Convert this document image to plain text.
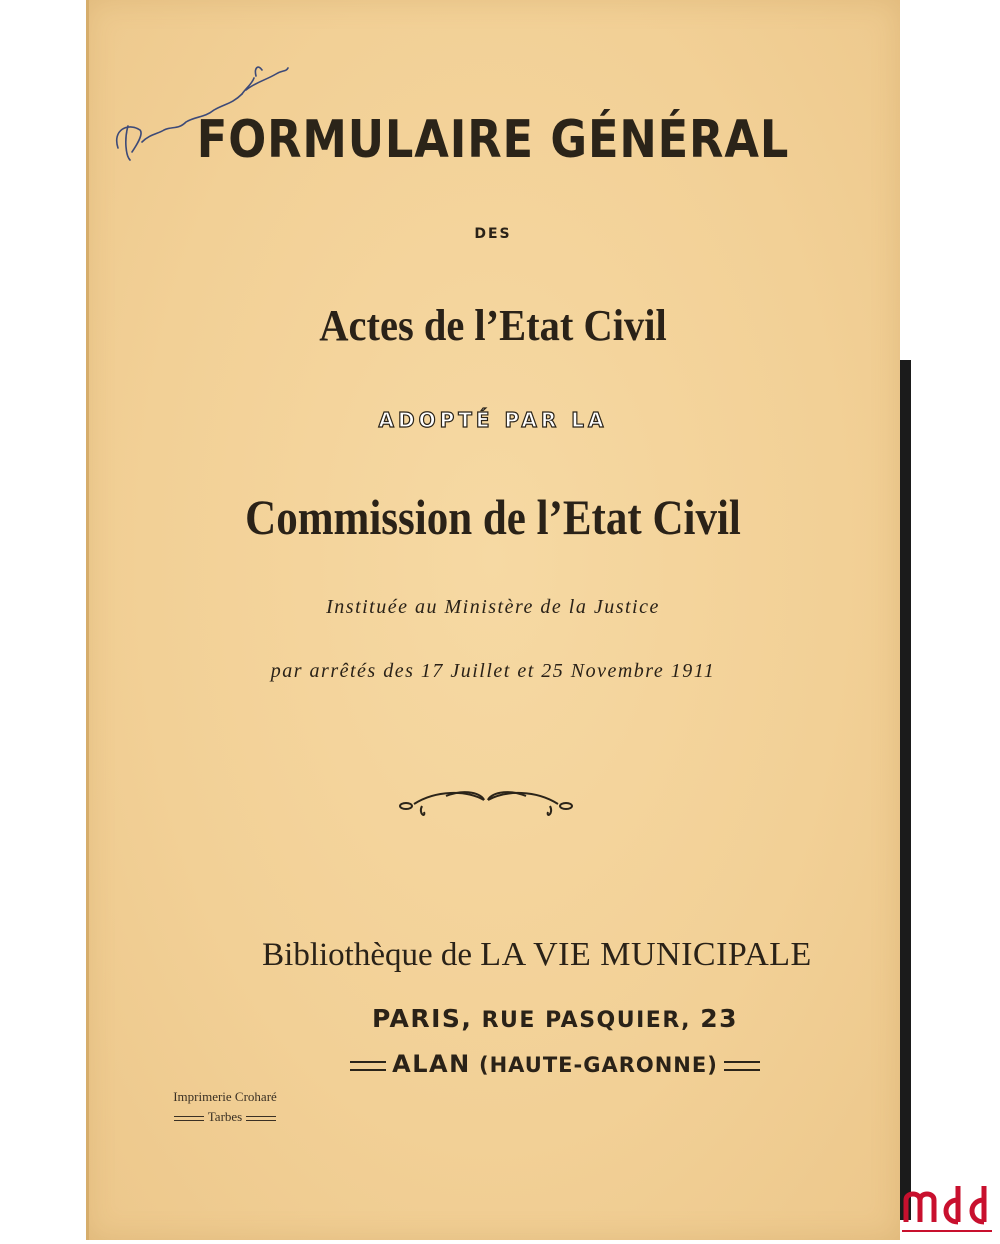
FORMULAIRE GÉNÉRAL
DES
Actes de l’Etat Civil
ADOPTÉ PAR LA
Commission de l’Etat Civil
Instituée au Ministère de la Justice
par arrêtés des 17 Juillet et 25 Novembre 1911
Bibliothèque de LA VIE MUNICIPALE
PARIS, RUE PASQUIER, 23
ALAN (HAUTE-GARONNE)
Imprimerie Croharé
Tarbes
